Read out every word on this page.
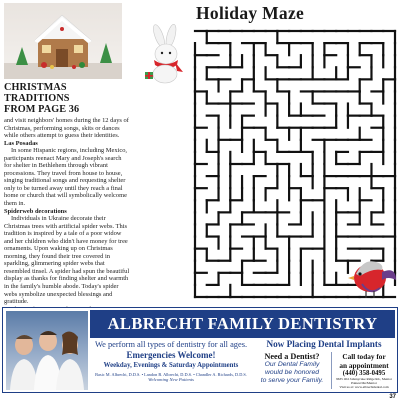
CHRISTMAS TRADITIONS
FROM PAGE 36

and visit neighbors' homes during the 12 days of Christmas, performing songs, skits or dances while others attempt to guess their identities.

Las Posadas

In some Hispanic regions, including Mexico, participants reenact Mary and Joseph's search for shelter in Bethlehem through vibrant processions. They travel from house to house, singing traditional songs and requesting shelter only to be turned away until they reach a final home or church that will symbolically welcome them in.

Spiderweb decorations

Individuals in Ukraine decorate their Christmas trees with artificial spider webs. This tradition is inspired by a tale of a poor widow and her children who didn't have money for tree ornaments. Upon waking up on Christmas morning, they found their tree covered in sparkling, glimmering spider webs that resembled tinsel. A spider had spun the beautiful display as thanks for finding shelter and warmth in the family's humble abode. Today's spider webs symbolize unexpected blessings and gratitude.

Holiday Maze
ALBRECHT FAMILY DENTISTRY
We perform all types of dentistry for all ages.
Emergencies Welcome!
Weekday, Evenings & Saturday Appointments
Basic M. Albrecht, D.D.S. • Landon B. Albrecht, D.D.S. • Chandler A. Richards, D.D.S.
Welcoming New Patients
Now Placing Dental Implants
Need a Dentist?
Our Dental Family
would be honored
to serve your Family.
Call today for
an appointment
(440) 358-0495
9635 Old Johnnycake Ridge Rd., Mentor
Painesville/Mentor
Visit us at: www.albrechtdental.com
37
